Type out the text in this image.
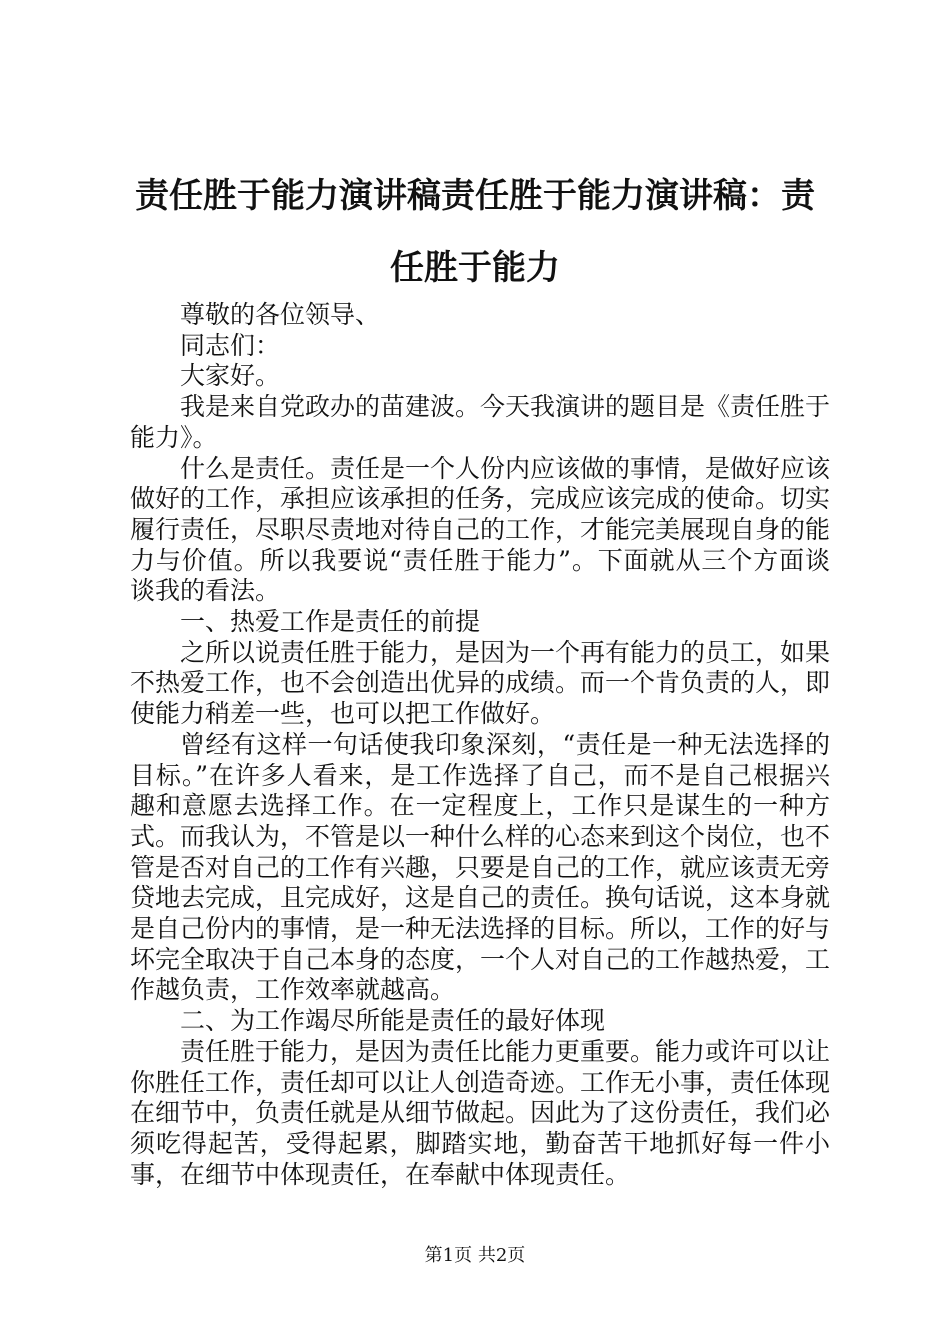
责任胜于能力演讲稿责任胜于能力演讲稿：责任胜于能力

尊敬的各位领导、

同志们：

大家好。

我是来自党政办的苗建波。今天我演讲的题目是《责任胜于能力》。

什么是责任。责任是一个人份内应该做的事情，是做好应该做好的工作，承担应该承担的任务，完成应该完成的使命。切实履行责任，尽职尽责地对待自己的工作，才能完美展现自身的能力与价值。所以我要说“责任胜于能力”。下面就从三个方面谈谈我的看法。

一、热爱工作是责任的前提

之所以说责任胜于能力，是因为一个再有能力的员工，如果不热爱工作，也不会创造出优异的成绩。而一个肯负责的人，即使能力稍差一些，也可以把工作做好。

曾经有这样一句话使我印象深刻，“责任是一种无法选择的目标。”在许多人看来，是工作选择了自己，而不是自己根据兴趣和意愿去选择工作。在一定程度上，工作只是谋生的一种方式。而我认为，不管是以一种什么样的心态来到这个岗位，也不管是否对自己的工作有兴趣，只要是自己的工作，就应该责无旁贷地去完成，且完成好，这是自己的责任。换句话说，这本身就是自己份内的事情，是一种无法选择的目标。所以，工作的好与坏完全取决于自己本身的态度，一个人对自己的工作越热爱，工作越负责，工作效率就越高。

二、为工作竭尽所能是责任的最好体现

责任胜于能力，是因为责任比能力更重要。能力或许可以让你胜任工作，责任却可以让人创造奇迹。工作无小事，责任体现在细节中，负责任就是从细节做起。因此为了这份责任，我们必须吃得起苦，受得起累，脚踏实地，勤奋苦干地抓好每一件小事，在细节中体现责任，在奉献中体现责任。

第1页 共2页
